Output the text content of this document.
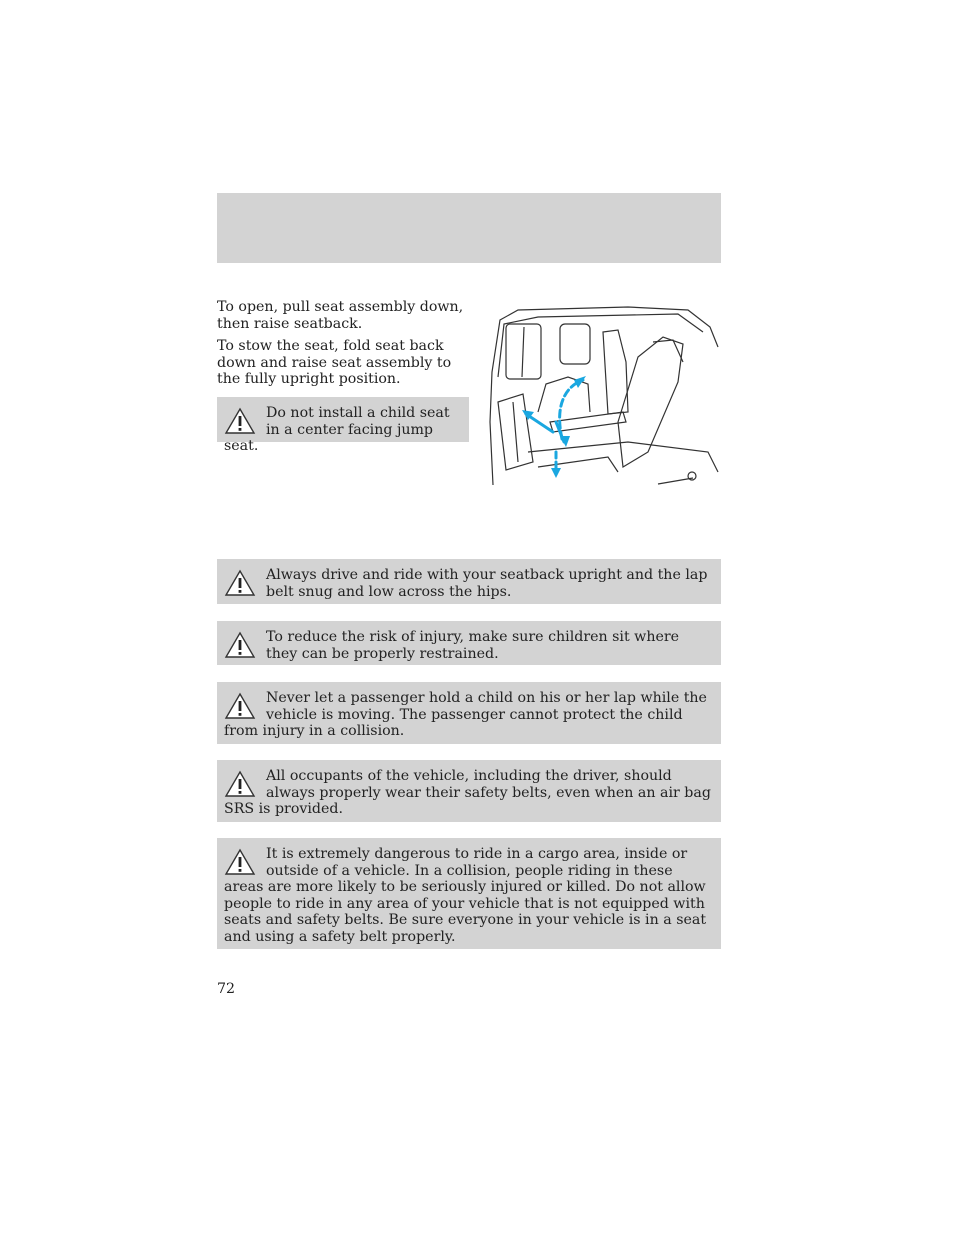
To open, pull seat assembly down, then raise seatback.

To stow the seat, fold seat back down and raise seat assembly to the fully upright position.

Do not install a child seat in a center facing jump seat.
Always drive and ride with your seatback upright and the lap belt snug and low across the hips.
To reduce the risk of injury, make sure children sit where they can be properly restrained.
Never let a passenger hold a child on his or her lap while the vehicle is moving. The passenger cannot protect the child from injury in a collision.
All occupants of the vehicle, including the driver, should always properly wear their safety belts, even when an air bag SRS is provided.
It is extremely dangerous to ride in a cargo area, inside or outside of a vehicle. In a collision, people riding in these areas are more likely to be seriously injured or killed. Do not allow people to ride in any area of your vehicle that is not equipped with seats and safety belts. Be sure everyone in your vehicle is in a seat and using a safety belt properly.
72
